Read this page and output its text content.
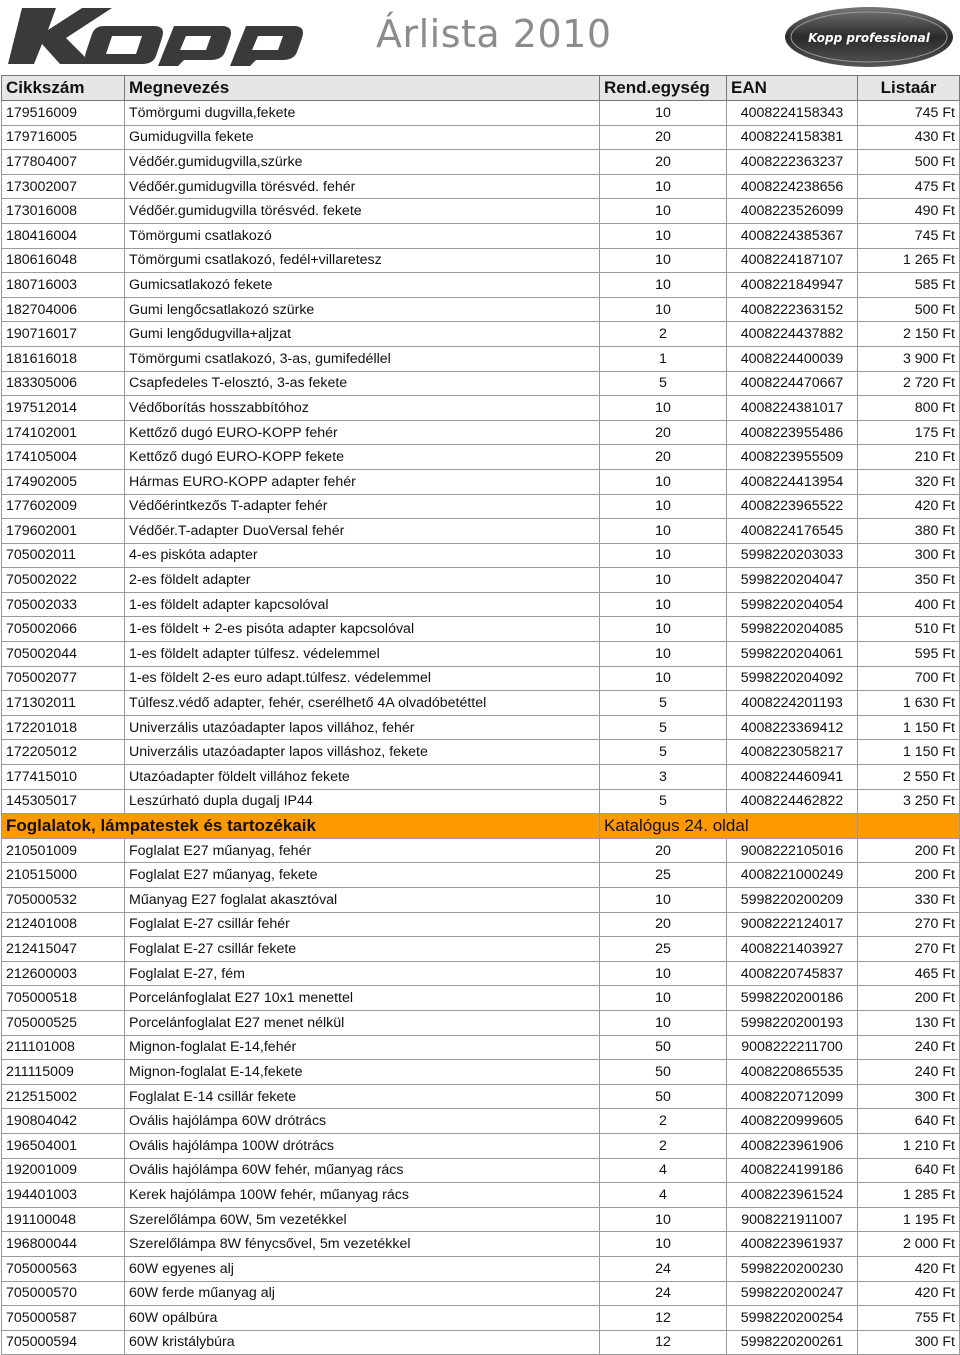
Árlista 2010	Kopp professional
Cikkszám	Megnevezés	Rend.egység	EAN	Listaár
179516009	Tömörgumi dugvilla,fekete	10	4008224158343	745 Ft
179716005	Gumidugvilla fekete	20	4008224158381	430 Ft
177804007	Védőér.gumidugvilla,szürke	20	4008222363237	500 Ft
173002007	Védőér.gumidugvilla törésvéd. fehér	10	4008224238656	475 Ft
173016008	Védőér.gumidugvilla törésvéd. fekete	10	4008223526099	490 Ft
180416004	Tömörgumi csatlakozó	10	4008224385367	745 Ft
180616048	Tömörgumi csatlakozó, fedél+villaretesz	10	4008224187107	1 265 Ft
180716003	Gumicsatlakozó fekete	10	4008221849947	585 Ft
182704006	Gumi lengőcsatlakozó szürke	10	4008222363152	500 Ft
190716017	Gumi lengődugvilla+aljzat	2	4008224437882	2 150 Ft
181616018	Tömörgumi csatlakozó, 3-as, gumifedéllel	1	4008224400039	3 900 Ft
183305006	Csapfedeles T-elosztó, 3-as fekete	5	4008224470667	2 720 Ft
197512014	Védőborítás hosszabbítóhoz	10	4008224381017	800 Ft
174102001	Kettőző dugó EURO-KOPP fehér	20	4008223955486	175 Ft
174105004	Kettőző dugó EURO-KOPP fekete	20	4008223955509	210 Ft
174902005	Hármas EURO-KOPP adapter fehér	10	4008224413954	320 Ft
177602009	Védőérintkezős T-adapter fehér	10	4008223965522	420 Ft
179602001	Védőér.T-adapter DuoVersal fehér	10	4008224176545	380 Ft
705002011	4-es piskóta adapter	10	5998220203033	300 Ft
705002022	2-es földelt adapter	10	5998220204047	350 Ft
705002033	1-es földelt adapter kapcsolóval	10	5998220204054	400 Ft
705002066	1-es földelt + 2-es pisóta adapter kapcsolóval	10	5998220204085	510 Ft
705002044	1-es földelt adapter túlfesz. védelemmel	10	5998220204061	595 Ft
705002077	1-es földelt 2-es euro adapt.túlfesz. védelemmel	10	5998220204092	700 Ft
171302011	Túlfesz.védő adapter, fehér, cserélhető 4A olvadóbetéttel	5	4008224201193	1 630 Ft
172201018	Univerzális utazóadapter lapos villához, fehér	5	4008223369412	1 150 Ft
172205012	Univerzális utazóadapter lapos villáshoz, fekete	5	4008223058217	1 150 Ft
177415010	Utazóadapter földelt villához fekete	3	4008224460941	2 550 Ft
145305017	Leszúrható dupla dugalj IP44	5	4008224462822	3 250 Ft
Foglalatok, lámpatestek és tartozékaik		Katalógus 24. oldal		
210501009	Foglalat E27 műanyag, fehér	20	9008222105016	200 Ft
210515000	Foglalat E27 műanyag, fekete	25	4008221000249	200 Ft
705000532	Műanyag E27 foglalat akasztóval	10	5998220200209	330 Ft
212401008	Foglalat E-27 csillár fehér	20	9008222124017	270 Ft
212415047	Foglalat E-27 csillár fekete	25	4008221403927	270 Ft
212600003	Foglalat E-27, fém	10	4008220745837	465 Ft
705000518	Porcelánfoglalat E27 10x1 menettel	10	5998220200186	200 Ft
705000525	Porcelánfoglalat E27 menet nélkül	10	5998220200193	130 Ft
211101008	Mignon-foglalat E-14,fehér	50	9008222211700	240 Ft
211115009	Mignon-foglalat E-14,fekete	50	4008220865535	240 Ft
212515002	Foglalat E-14 csillár fekete	50	4008220712099	300 Ft
190804042	Ovális hajólámpa 60W drótrács	2	4008220999605	640 Ft
196504001	Ovális hajólámpa 100W drótrács	2	4008223961906	1 210 Ft
192001009	Ovális hajólámpa 60W fehér, műanyag rács	4	4008224199186	640 Ft
194401003	Kerek hajólámpa 100W fehér, műanyag rács	4	4008223961524	1 285 Ft
191100048	Szerelőlámpa 60W, 5m vezetékkel	10	9008221911007	1 195 Ft
196800044	Szerelőlámpa 8W fénycsővel, 5m vezetékkel	10	4008223961937	2 000 Ft
705000563	60W egyenes alj	24	5998220200230	420 Ft
705000570	60W ferde műanyag alj	24	5998220200247	420 Ft
705000587	60W opálbúra	12	5998220200254	755 Ft
705000594	60W kristálybúra	12	5998220200261	300 Ft
